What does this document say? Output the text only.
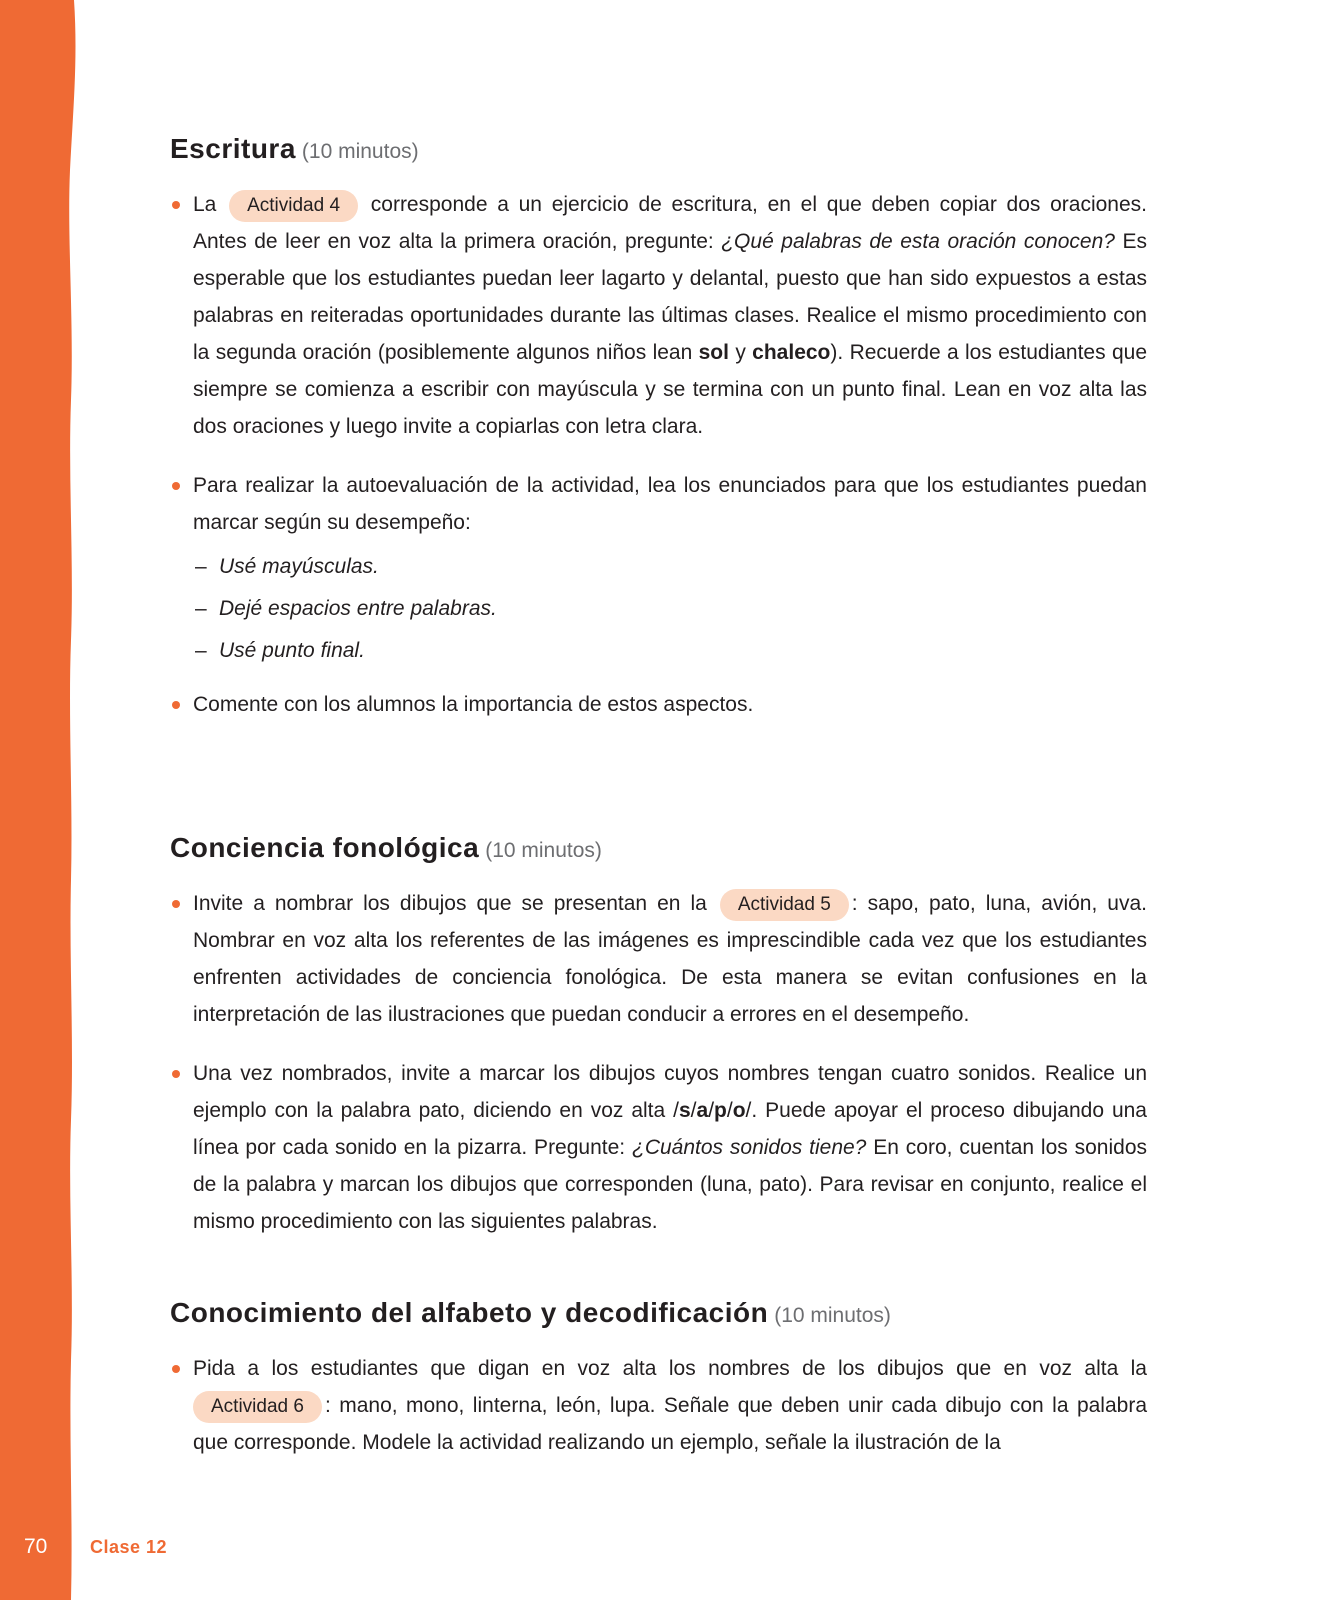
70	Clase 12
Escritura (10 minutos)

La Actividad 4 corresponde a un ejercicio de escritura, en el que deben copiar dos oraciones. Antes de leer en voz alta la primera oración, pregunte: ¿Qué palabras de esta oración conocen? Es esperable que los estudiantes puedan leer lagarto y delantal, puesto que han sido expuestos a estas palabras en reiteradas oportunidades durante las últimas clases. Realice el mismo procedimiento con la segunda oración (posiblemente algunos niños lean sol y chaleco). Recuerde a los estudiantes que siempre se comienza a escribir con mayúscula y se termina con un punto final. Lean en voz alta las dos oraciones y luego invite a copiarlas con letra clara.

Para realizar la autoevaluación de la actividad, lea los enunciados para que los estudiantes puedan marcar según su desempeño:

– Usé mayúsculas.
– Dejé espacios entre palabras.
– Usé punto final.

Comente con los alumnos la importancia de estos aspectos.

Conciencia fonológica (10 minutos)

Invite a nombrar los dibujos que se presentan en la Actividad 5 : sapo, pato, luna, avión, uva. Nombrar en voz alta los referentes de las imágenes es imprescindible cada vez que los estudiantes enfrenten actividades de conciencia fonológica. De esta manera se evitan confusiones en la interpretación de las ilustraciones que puedan conducir a errores en el desempeño.

Una vez nombrados, invite a marcar los dibujos cuyos nombres tengan cuatro sonidos. Realice un ejemplo con la palabra pato, diciendo en voz alta /s/a/p/o/. Puede apoyar el proceso dibujando una línea por cada sonido en la pizarra. Pregunte: ¿Cuántos sonidos tiene? En coro, cuentan los sonidos de la palabra y marcan los dibujos que corresponden (luna, pato). Para revisar en conjunto, realice el mismo procedimiento con las siguientes palabras.

Conocimiento del alfabeto y decodificación (10 minutos)

Pida a los estudiantes que digan en voz alta los nombres de los dibujos que en voz alta la Actividad 6 : mano, mono, linterna, león, lupa. Señale que deben unir cada dibujo con la palabra que corresponde. Modele la actividad realizando un ejemplo, señale la ilustración de la
